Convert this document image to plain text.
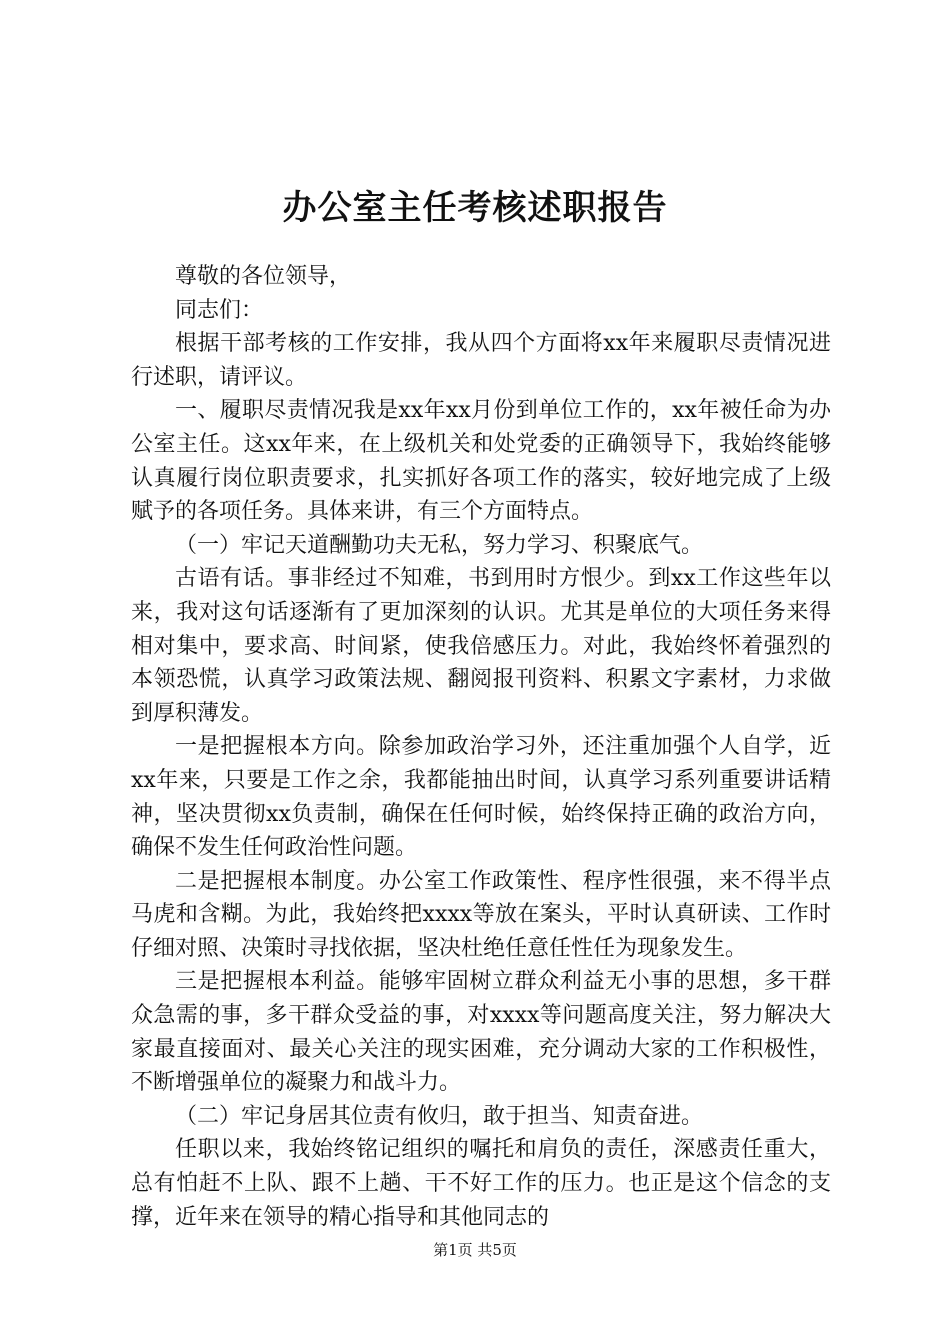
办公室主任考核述职报告

尊敬的各位领导，

同志们：

根据干部考核的工作安排，我从四个方面将xx年来履职尽责情况进行述职，请评议。

一、履职尽责情况我是xx年xx月份到单位工作的，xx年被任命为办公室主任。这xx年来，在上级机关和处党委的正确领导下，我始终能够认真履行岗位职责要求，扎实抓好各项工作的落实，较好地完成了上级赋予的各项任务。具体来讲，有三个方面特点。

（一）牢记天道酬勤功夫无私，努力学习、积聚底气。

古语有话。事非经过不知难，书到用时方恨少。到xx工作这些年以来，我对这句话逐渐有了更加深刻的认识。尤其是单位的大项任务来得相对集中，要求高、时间紧，使我倍感压力。对此，我始终怀着强烈的本领恐慌，认真学习政策法规、翻阅报刊资料、积累文字素材，力求做到厚积薄发。

一是把握根本方向。除参加政治学习外，还注重加强个人自学，近xx年来，只要是工作之余，我都能抽出时间，认真学习系列重要讲话精神，坚决贯彻xx负责制，确保在任何时候，始终保持正确的政治方向，确保不发生任何政治性问题。

二是把握根本制度。办公室工作政策性、程序性很强，来不得半点马虎和含糊。为此，我始终把xxxx等放在案头，平时认真研读、工作时仔细对照、决策时寻找依据，坚决杜绝任意任性任为现象发生。

三是把握根本利益。能够牢固树立群众利益无小事的思想，多干群众急需的事，多干群众受益的事，对xxxx等问题高度关注，努力解决大家最直接面对、最关心关注的现实困难，充分调动大家的工作积极性，不断增强单位的凝聚力和战斗力。

（二）牢记身居其位责有攸归，敢于担当、知责奋进。

任职以来，我始终铭记组织的嘱托和肩负的责任，深感责任重大，总有怕赶不上队、跟不上趟、干不好工作的压力。也正是这个信念的支撑，近年来在领导的精心指导和其他同志的

第1页 共5页
